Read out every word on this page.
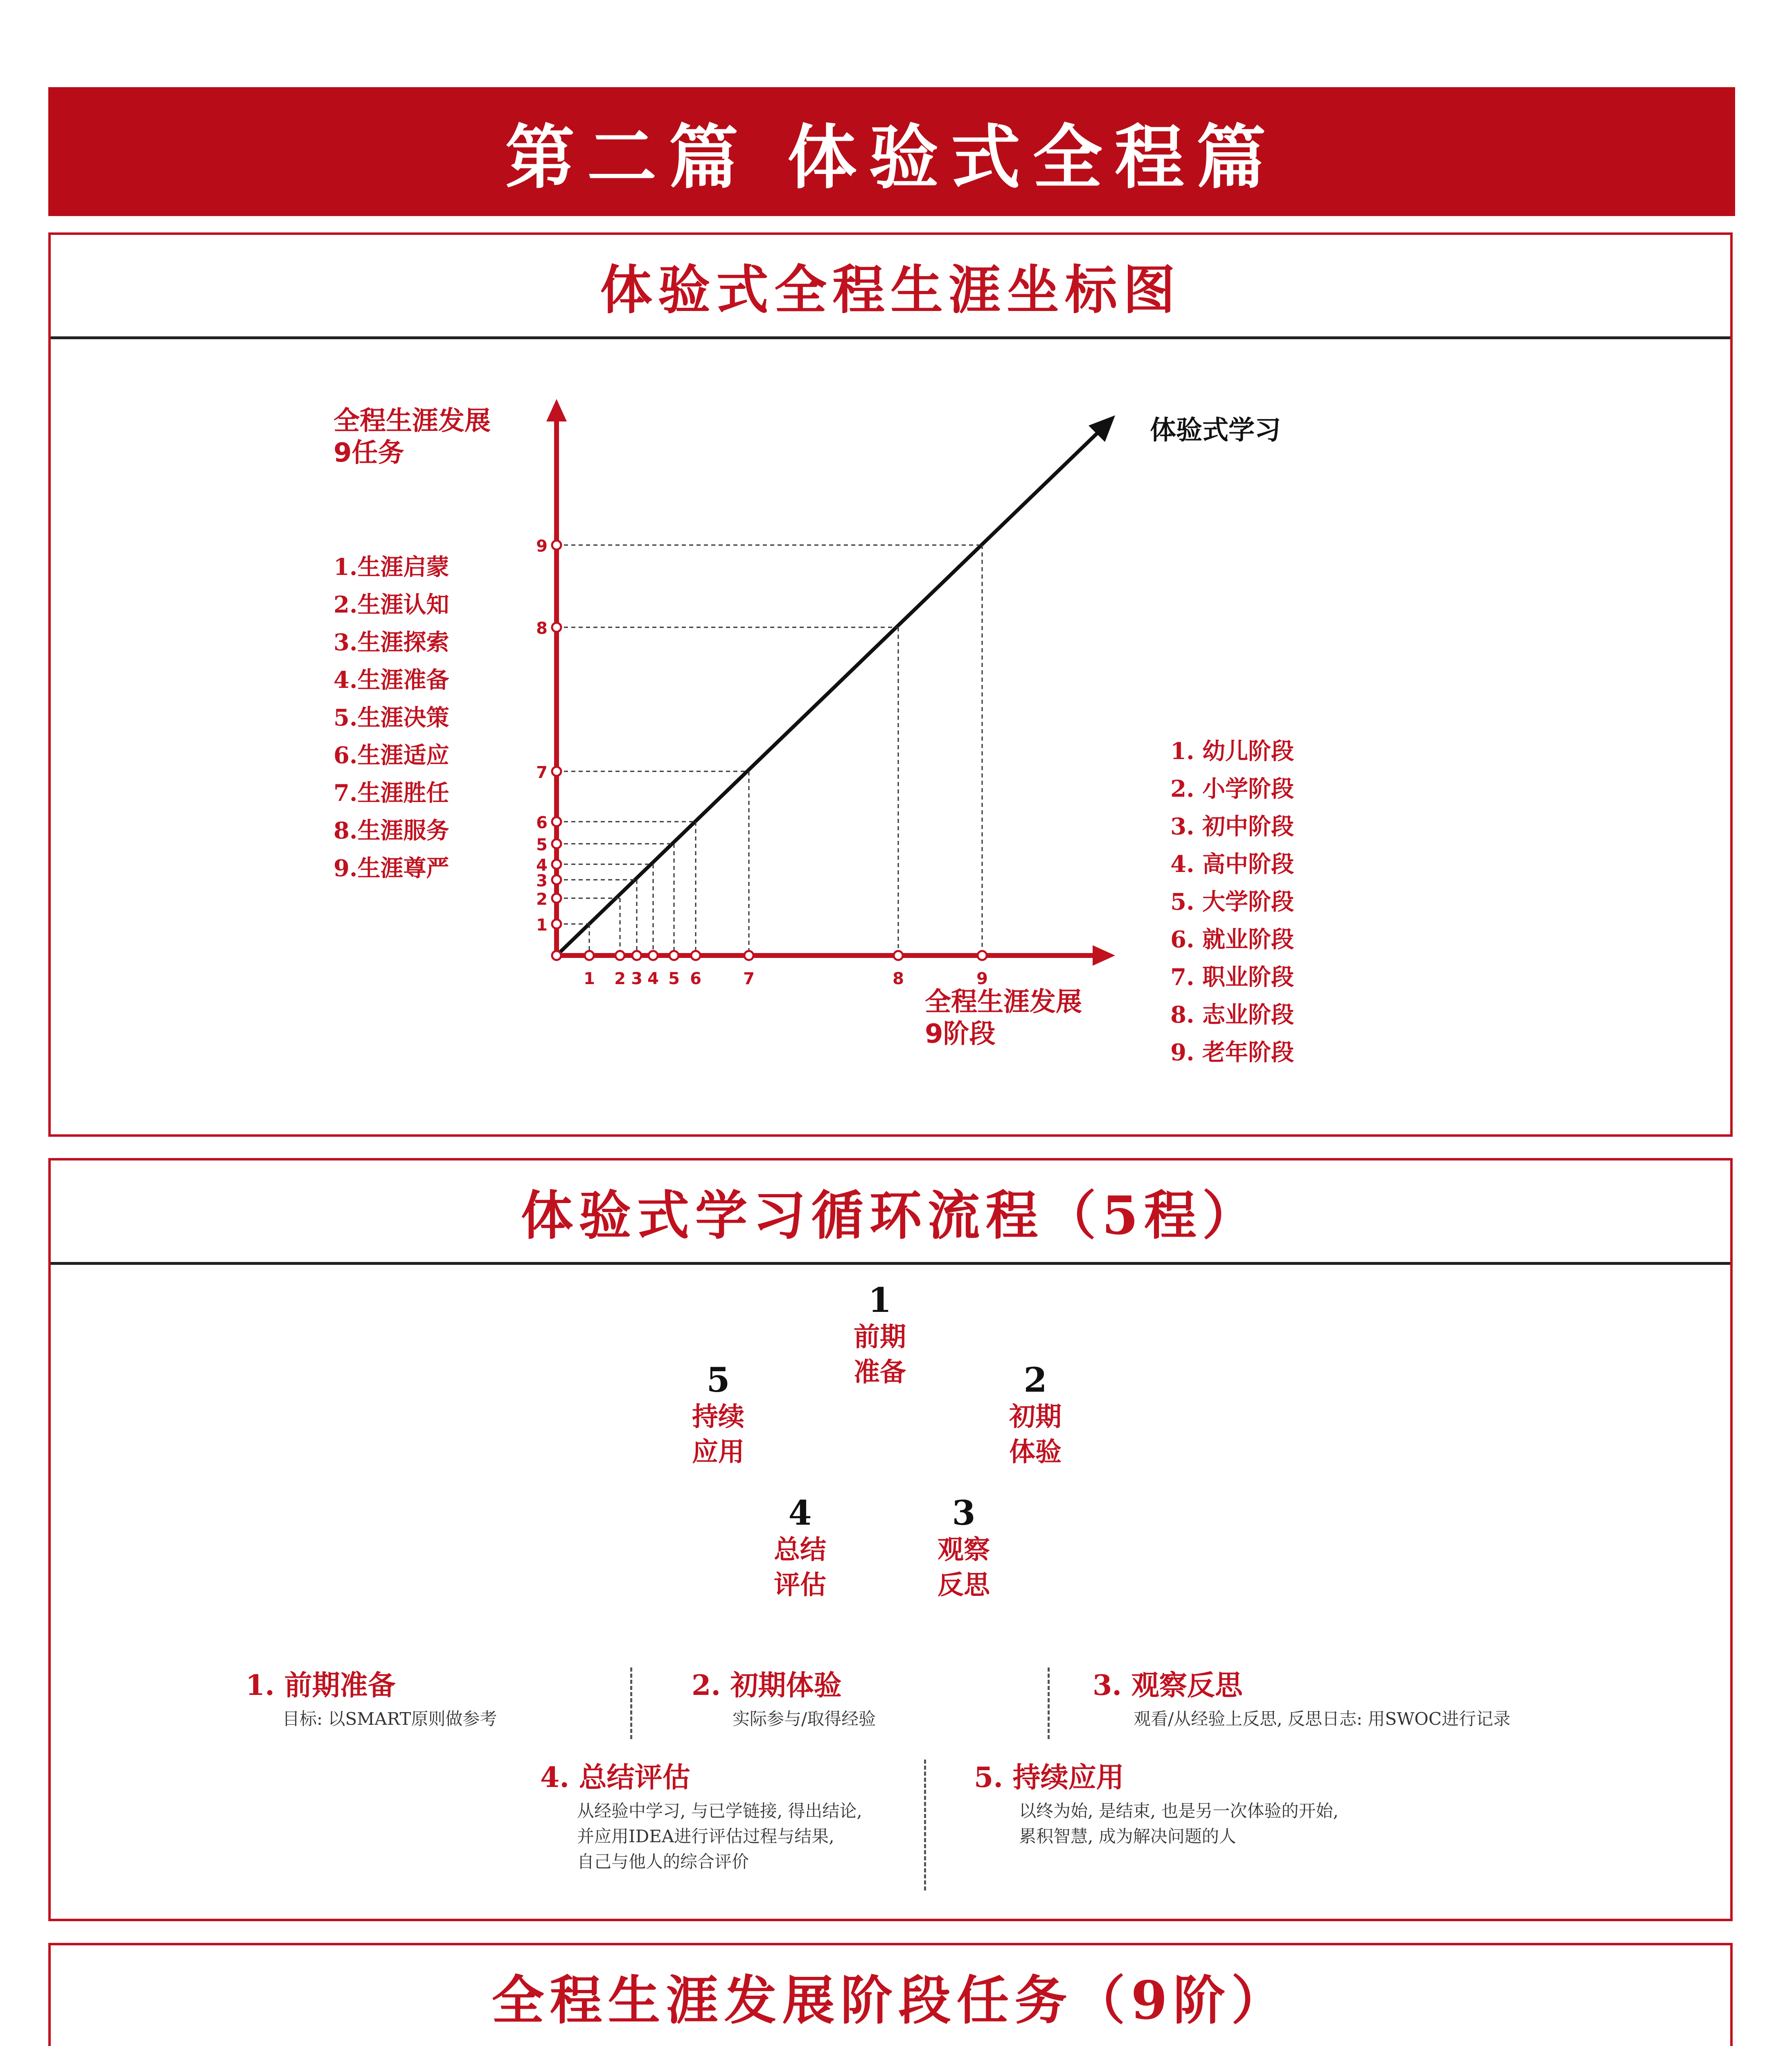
第二篇 体验式全程篇
体验式全程生涯坐标图
1
1
2
2
3
3
4
4
5
5
6
6
7
7
8
8
9
9
全程生涯发展
9任务
全程生涯发展
9阶段
体验式学习
1.生涯启蒙
2.生涯认知
3.生涯探索
4.生涯准备
5.生涯决策
6.生涯适应
7.生涯胜任
8.生涯服务
9.生涯尊严
1. 幼儿阶段
2. 小学阶段
3. 初中阶段
4. 高中阶段
5. 大学阶段
6. 就业阶段
7. 职业阶段
8. 志业阶段
9. 老年阶段
体验式学习循环流程（5程）
1
前期
准备	2
初期
体验
3
观察
反思
4
总结
评估
5
持续
应用
1. 前期准备
目标: 以SMART原则做参考
2. 初期体验
实际参与/取得经验
3. 观察反思
观看/从经验上反思, 反思日志: 用SWOC进行记录
4. 总结评估
从经验中学习, 与已学链接, 得出结论,
并应用IDEA进行评估过程与结果,
自己与他人的综合评价
5. 持续应用
以终为始, 是结束, 也是另一次体验的开始,
累积智慧, 成为解决问题的人
全程生涯发展阶段任务（9阶）
